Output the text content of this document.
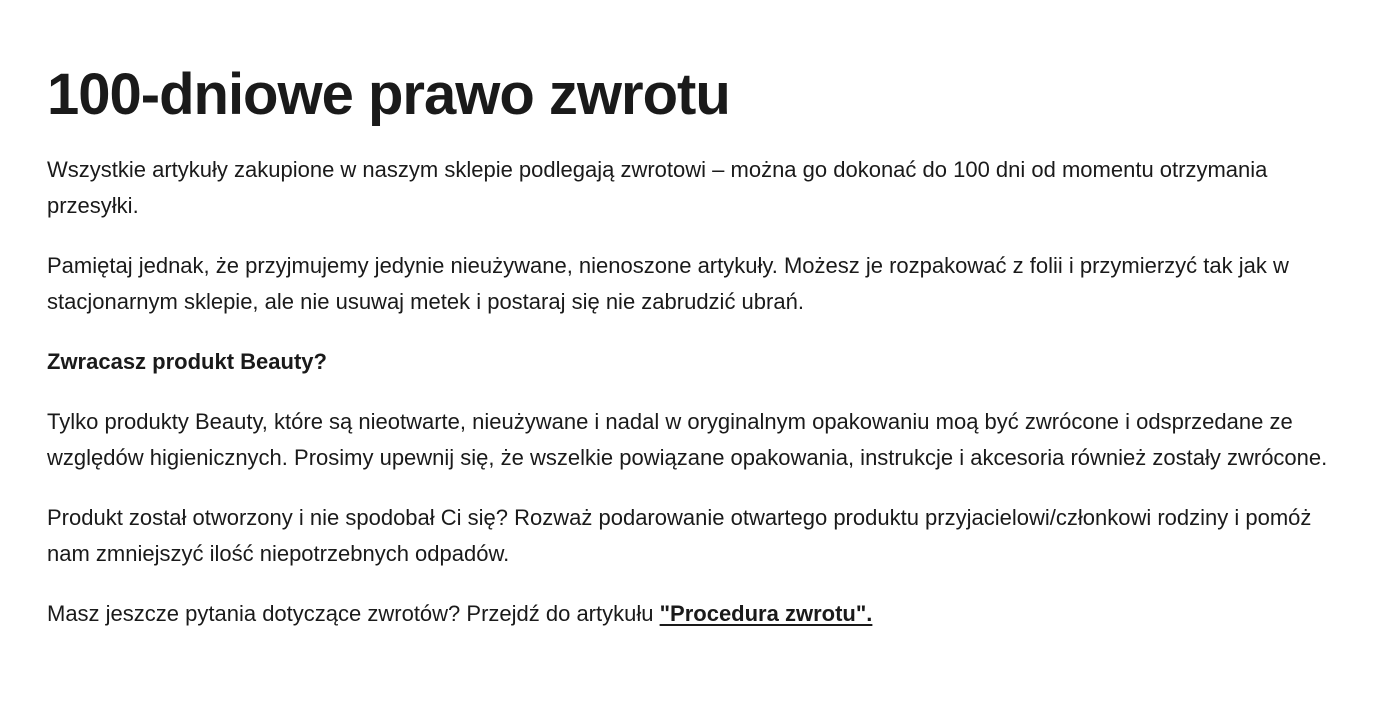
100-dniowe prawo zwrotu

Wszystkie artykuły zakupione w naszym sklepie podlegają zwrotowi – można go dokonać do 100 dni od momentu otrzymania przesyłki.

Pamiętaj jednak, że przyjmujemy jedynie nieużywane, nienoszone artykuły. Możesz je rozpakować z folii i przymierzyć tak jak w stacjonarnym sklepie, ale nie usuwaj metek i postaraj się nie zabrudzić ubrań.

Zwracasz produkt Beauty?

Tylko produkty Beauty, które są nieotwarte, nieużywane i nadal w oryginalnym opakowaniu moą być zwrócone i odsprzedane ze względów higienicznych. Prosimy upewnij się, że wszelkie powiązane opakowania, instrukcje i akcesoria również zostały zwrócone.

Produkt został otworzony i nie spodobał Ci się? Rozważ podarowanie otwartego produktu przyjacielowi/członkowi rodziny i pomóż nam zmniejszyć ilość niepotrzebnych odpadów.

Masz jeszcze pytania dotyczące zwrotów? Przejdź do artykułu "Procedura zwrotu".
